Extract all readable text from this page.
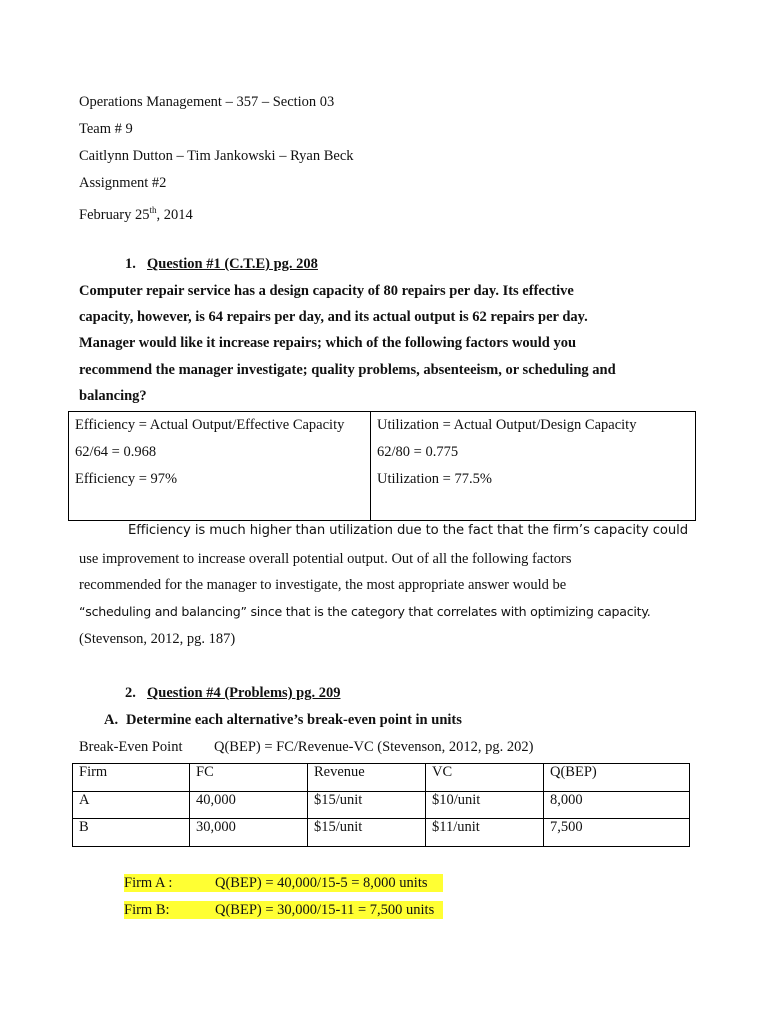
Operations Management – 357 – Section 03
Team # 9
Caitlynn Dutton – Tim Jankowski – Ryan Beck
Assignment #2
February 25th, 2014
1. Question #1 (C.T.E) pg. 208
Computer repair service has a design capacity of 80 repairs per day. Its effective
capacity, however, is 64 repairs per day, and its actual output is 62 repairs per day.
Manager would like it increase repairs; which of the following factors would you
recommend the manager investigate; quality problems, absenteeism, or scheduling and
balancing?
Efficiency = Actual Output/Effective Capacity
62/64 = 0.968
Efficiency = 97%

Utilization = Actual Output/Design Capacity
62/80 = 0.775
Utilization = 77.5%
Efficiency is much higher than utilization due to the fact that the firm’s capacity could
use improvement to increase overall potential output. Out of all the following factors
recommended for the manager to investigate, the most appropriate answer would be
“scheduling and balancing” since that is the category that correlates with optimizing capacity.
(Stevenson, 2012, pg. 187)
2. Question #4 (Problems) pg. 209
A. Determine each alternative’s break-even point in units
Break-Even Point Q(BEP) = FC/Revenue-VC (Stevenson, 2012, pg. 202)
Firm	FC	Revenue	VC	Q(BEP)
A	40,000	$15/unit	$10/unit	8,000
B	30,000	$15/unit	$11/unit	7,500
Firm A :	Q(BEP) = 40,000/15-5 = 8,000 units
Firm B:	Q(BEP) = 30,000/15-11 = 7,500 units
